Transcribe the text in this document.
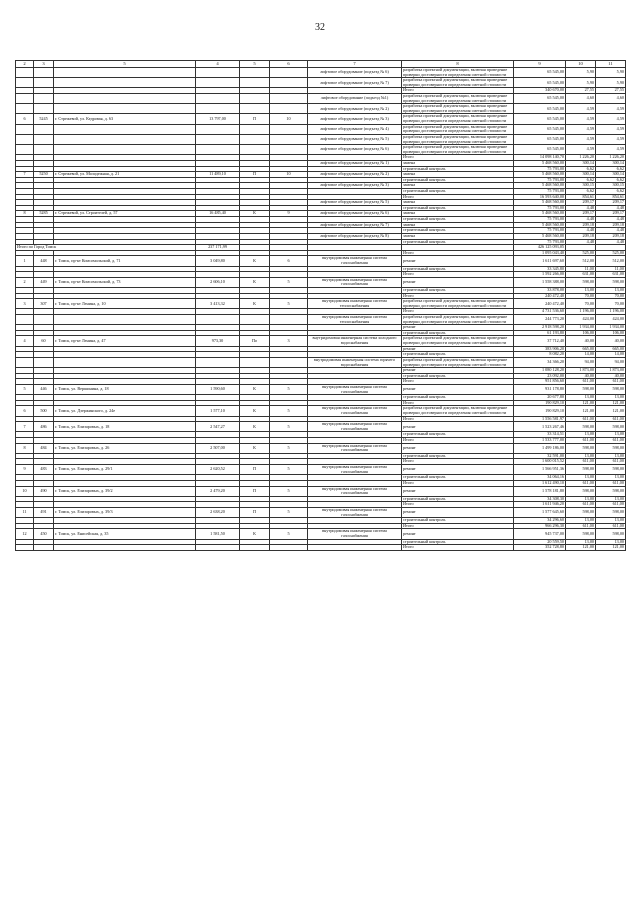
32
2	3	5	4	5	6	7	8	9	10	11
						лифтовое оборудование (подъезд № 6)	разработка проектной документации, включая проведение проверки достоверности определения сметной стоимости	65 545,00	5,90	5,90
						лифтовое оборудование (подъезд № 7)	разработка проектной документации, включая проведение проверки достоверности определения сметной стоимости	65 545,00	5,90	5,90
							Итого	340 670,00	27,55	27,55
						лифтовое оборудование (подъезд №1)	разработка проектной документации, включая проведение проверки достоверности определения сметной стоимости	65 545,00	4,60	4,60
						лифтовое оборудование (подъезд № 2)	разработка проектной документации, включая проведение проверки достоверности определения сметной стоимости	65 545,00	4,59	4,59
6	5245	г. Стрежевой, ул. Кедровая, д. 63	13 797,00	П	10	лифтовое оборудование (подъезд № 3)	разработка проектной документации, включая проведение проверки достоверности определения сметной стоимости	65 545,00	4,59	4,59
						лифтовое оборудование (подъезд № 4)	разработка проектной документации, включая проведение проверки достоверности определения сметной стоимости	65 545,00	4,59	4,59
						лифтовое оборудование (подъезд № 5)	разработка проектной документации, включая проведение проверки достоверности определения сметной стоимости	65 545,00	4,59	4,59
						лифтовое оборудование (подъезд № 6)	разработка проектной документации, включая проведение проверки достоверности определения сметной стоимости	65 545,00	4,59	4,59
							Итого	14 098 140,70	1 226,20	1 226,20
						лифтовое оборудование (подъезд № 1)	замена	5 468 560,00	300,14	300,14
							строительный контроль	75 793,00	6,62	6,62
7	5250	г. Стрежевой, ул. Молодежная, д. 21	11 489,10	П	10	лифтовое оборудование (подъезд № 2)	замена	5 468 560,00	300,14	300,14
							строительный контроль	75 793,00	6,62	6,62
						лифтовое оборудование (подъезд № 3)	замена	5 468 560,00	300,15	300,15
							строительный контроль	75 793,00	6,62	6,62
							Итого	16 593 640,00	854,61	854,61
						лифтовое оборудование (подъезд № 5)	замена	5 468 560,00	209,17	209,17
							строительный контроль	75 793,00	4,48	4,48
8	5285	г. Стрежевой, ул. Строителей, д. 57	16 485,40	К	9	лифтовое оборудование (подъезд № 6)	замена	5 468 560,00	209,17	209,17
							строительный контроль	75 793,00	4,48	4,48
						лифтовое оборудование (подъезд № 7)	замена	5 468 560,00	209,18	209,18
							строительный контроль	75 793,00	4,48	4,48
						лифтовое оборудование (подъезд № 8)	замена	5 468 560,00	209,18	209,18
							строительный контроль	75 793,00	4,48	4,48
Итого по Город Томск			237 171,99					426 125 093,05		
							Итого	1 095 043,40	525,00	525,00
1	448	г. Томск, пр-кт Комсомольский, д. 71	3 049,80	К	6	внутридомовая инженерная система газоснабжения	ремонт	1 611 697,60	512,00	512,00
							строительный контроль	33 345,80	11,00	11,00
							Итого	1 592 266,00	631,00	631,00
2	449	г. Томск, пр-кт Комсомольский, д. 73	2 606,10	К	5	внутридомовая инженерная система газоснабжения	ремонт	1 558 388,00	598,00	598,00
							строительный контроль	33 878,00	13,00	13,00
							Итого	240 472,40	70,00	70,00
3	307	г. Томск, пр-кт Ленина, д. 10	3 413,32	К	5	внутридомовая инженерная система теплоснабжения	разработка проектной документации, включая проведение проверки достоверности определения сметной стоимости	240 472,40	70,00	70,00
							Итого	4 731 536,60	1 196,00	1 196,00
						внутридомовая инженерная система теплоснабжения	разработка проектной документации, включая проведение проверки достоверности определения сметной стоимости	244 773,20	424,00	424,00
							ремонт	2 918 598,20	1 934,00	1 934,00
							строительный контроль	61 193,80	106,00	106,00
4	60	г. Томск, пр-кт Ленина, д. 47	973,30	По	3	внутридомовая инженерная система холодного водоснабжения	разработка проектной документации, включая проведение проверки достоверности определения сметной стоимости	37 712,40	40,00	40,00
							ремонт	383 906,20	665,00	665,00
							строительный контроль	8 082,20	14,00	14,00
						внутридомовая инженерная система горячего водоснабжения	разработка проектной документации, включая проведение проверки достоверности определения сметной стоимости	34 366,20	94,00	94,00
							ремонт	1 080 128,20	1 873,00	1 873,00
							строительный контроль	23 092,00	40,00	40,00
							Итого	951 856,60	611,00	611,00
5	446	г. Томск, ул. Вершинина, д. 18	1 590,60	К	5	внутридомовая инженерная система газоснабжения	ремонт	931 178,80	598,00	598,00
							строительный контроль	20 677,80	13,00	13,00
							Итого	190 829,10	121,00	121,00
6	500	г. Томск, ул. Дзержинского, д. 24е	1 577,10	К	5	внутридомовая инженерная система газоснабжения	разработка проектной документации, включая проведение проверки достоверности определения сметной стоимости	190 829,10	121,00	121,00
							Итого	1 556 581,97	611,00	611,00
7	486	г. Томск, ул. Елизаровых, д. 18	2 547,27	К	5	внутридомовая инженерная система газоснабжения	ремонт	1 523 267,46	598,00	598,00
							строительный контроль	33 314,51	13,00	13,00
							Итого	1 533 777,00	611,00	611,00
8	484	г. Томск, ул. Елизаровых, д. 26	2 507,00	К	5	внутридомовая инженерная система газоснабжения	ремонт	1 499 186,00	598,00	598,00
							строительный контроль	32 591,00	13,00	13,00
							Итого	1 600 015,52	611,00	611,00
9	483	г. Томск, ул. Елизаровых, д. 29/1	2 620,52	П	5	внутридомовая инженерная система газоснабжения	ремонт	1 566 951,36	598,00	598,00
							строительный контроль	34 064,16	13,00	13,00
							Итого	1 612 490,10	611,00	611,00
10	490	г. Томск, ул. Елизаровых, д. 39/2	2 479,20	П	5	внутридомовая инженерная система газоснабжения	ремонт	1 578 181,80	598,00	598,00
							строительный контроль	34 308,30	13,00	13,00
							Итого	1 611 946,20	611,00	611,00
11	491	г. Томск, ул. Елизаровых, д. 39/3	2 638,20	П	5	внутридомовая инженерная система газоснабжения	ремонт	1 577 645,60	598,00	598,00
							строительный контроль	34 296,60	13,00	13,00
							Итого	966 296,30	611,00	611,00
12	450	г. Томск, ул. Енисейская, д. 35	1 581,50	К	5	внутридомовая инженерная система газоснабжения	ремонт	945 737,00	598,00	598,00
							строительный контроль	20 559,50	13,00	13,00
							Итого	352 728,80	121,00	121,00
